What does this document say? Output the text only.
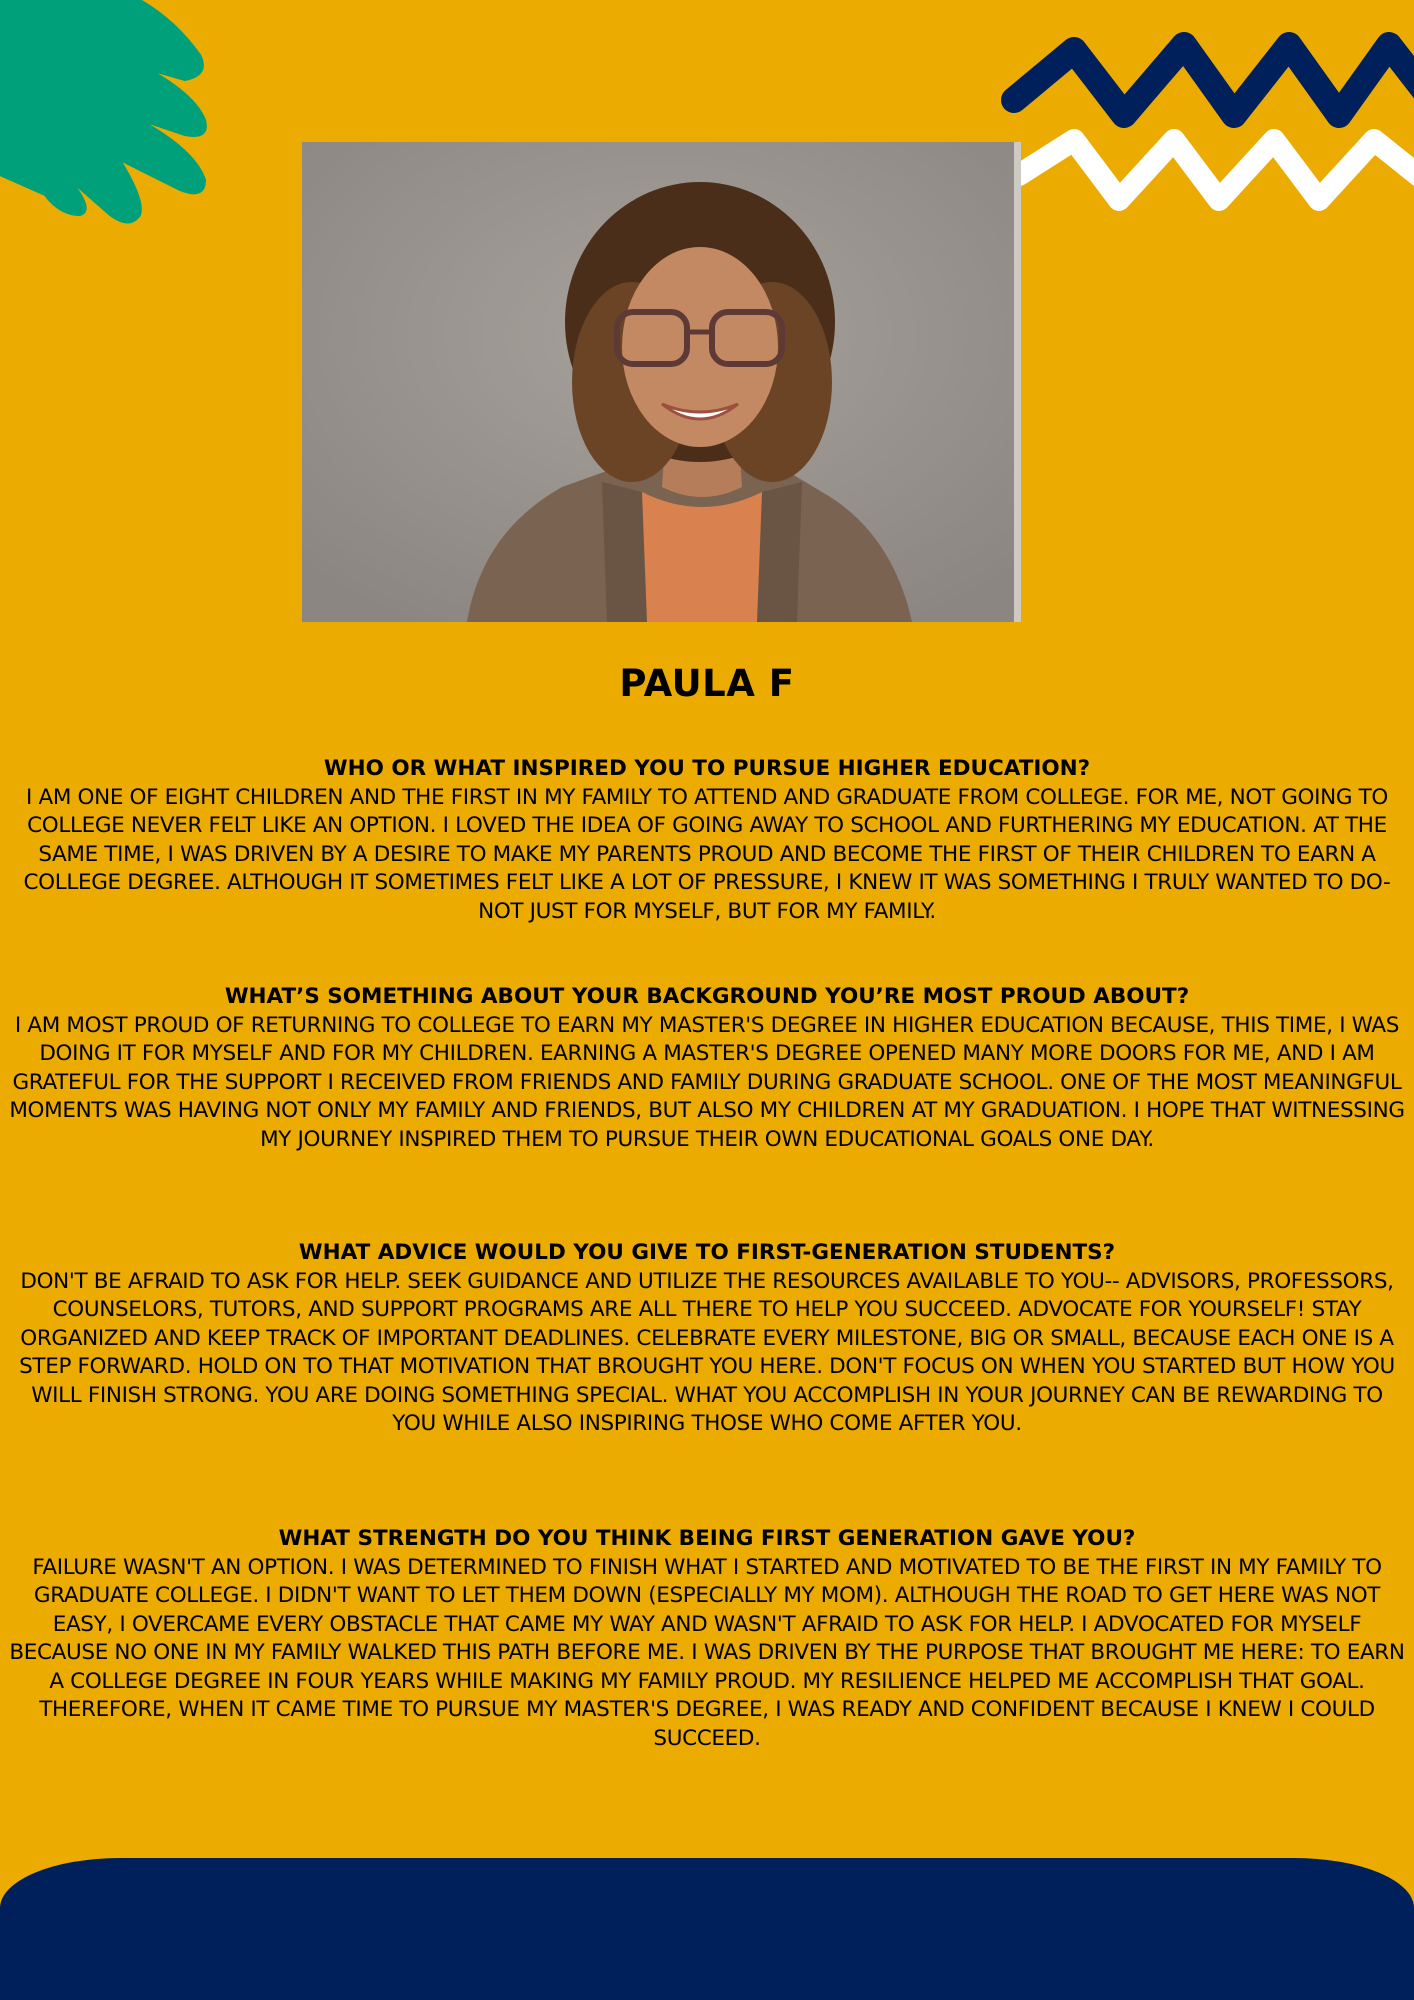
PAULA F
WHO OR WHAT INSPIRED YOU TO PURSUE HIGHER EDUCATION?

I AM ONE OF EIGHT CHILDREN AND THE FIRST IN MY FAMILY TO ATTEND AND GRADUATE FROM COLLEGE. FOR ME, NOT GOING TO COLLEGE NEVER FELT LIKE AN OPTION. I LOVED THE IDEA OF GOING AWAY TO SCHOOL AND FURTHERING MY EDUCATION. AT THE SAME TIME, I WAS DRIVEN BY A DESIRE TO MAKE MY PARENTS PROUD AND BECOME THE FIRST OF THEIR CHILDREN TO EARN A COLLEGE DEGREE. ALTHOUGH IT SOMETIMES FELT LIKE A LOT OF PRESSURE, I KNEW IT WAS SOMETHING I TRULY WANTED TO DO- NOT JUST FOR MYSELF, BUT FOR MY FAMILY.

WHAT’S SOMETHING ABOUT YOUR BACKGROUND YOU’RE MOST PROUD ABOUT?

I AM MOST PROUD OF RETURNING TO COLLEGE TO EARN MY MASTER'S DEGREE IN HIGHER EDUCATION BECAUSE, THIS TIME, I WAS DOING IT FOR MYSELF AND FOR MY CHILDREN. EARNING A MASTER'S DEGREE OPENED MANY MORE DOORS FOR ME, AND I AM GRATEFUL FOR THE SUPPORT I RECEIVED FROM FRIENDS AND FAMILY DURING GRADUATE SCHOOL. ONE OF THE MOST MEANINGFUL MOMENTS WAS HAVING NOT ONLY MY FAMILY AND FRIENDS, BUT ALSO MY CHILDREN AT MY GRADUATION. I HOPE THAT WITNESSING MY JOURNEY INSPIRED THEM TO PURSUE THEIR OWN EDUCATIONAL GOALS ONE DAY.

WHAT ADVICE WOULD YOU GIVE TO FIRST-GENERATION STUDENTS?

DON'T BE AFRAID TO ASK FOR HELP. SEEK GUIDANCE AND UTILIZE THE RESOURCES AVAILABLE TO YOU-- ADVISORS, PROFESSORS, COUNSELORS, TUTORS, AND SUPPORT PROGRAMS ARE ALL THERE TO HELP YOU SUCCEED. ADVOCATE FOR YOURSELF! STAY ORGANIZED AND KEEP TRACK OF IMPORTANT DEADLINES. CELEBRATE EVERY MILESTONE, BIG OR SMALL, BECAUSE EACH ONE IS A STEP FORWARD. HOLD ON TO THAT MOTIVATION THAT BROUGHT YOU HERE. DON'T FOCUS ON WHEN YOU STARTED BUT HOW YOU WILL FINISH STRONG. YOU ARE DOING SOMETHING SPECIAL. WHAT YOU ACCOMPLISH IN YOUR JOURNEY CAN BE REWARDING TO YOU WHILE ALSO INSPIRING THOSE WHO COME AFTER YOU.

WHAT STRENGTH DO YOU THINK BEING FIRST GENERATION GAVE YOU?

FAILURE WASN'T AN OPTION. I WAS DETERMINED TO FINISH WHAT I STARTED AND MOTIVATED TO BE THE FIRST IN MY FAMILY TO GRADUATE COLLEGE. I DIDN'T WANT TO LET THEM DOWN (ESPECIALLY MY MOM). ALTHOUGH THE ROAD TO GET HERE WAS NOT EASY, I OVERCAME EVERY OBSTACLE THAT CAME MY WAY AND WASN'T AFRAID TO ASK FOR HELP. I ADVOCATED FOR MYSELF BECAUSE NO ONE IN MY FAMILY WALKED THIS PATH BEFORE ME. I WAS DRIVEN BY THE PURPOSE THAT BROUGHT ME HERE: TO EARN A COLLEGE DEGREE IN FOUR YEARS WHILE MAKING MY FAMILY PROUD. MY RESILIENCE HELPED ME ACCOMPLISH THAT GOAL. THEREFORE, WHEN IT CAME TIME TO PURSUE MY MASTER'S DEGREE, I WAS READY AND CONFIDENT BECAUSE I KNEW I COULD SUCCEED.
